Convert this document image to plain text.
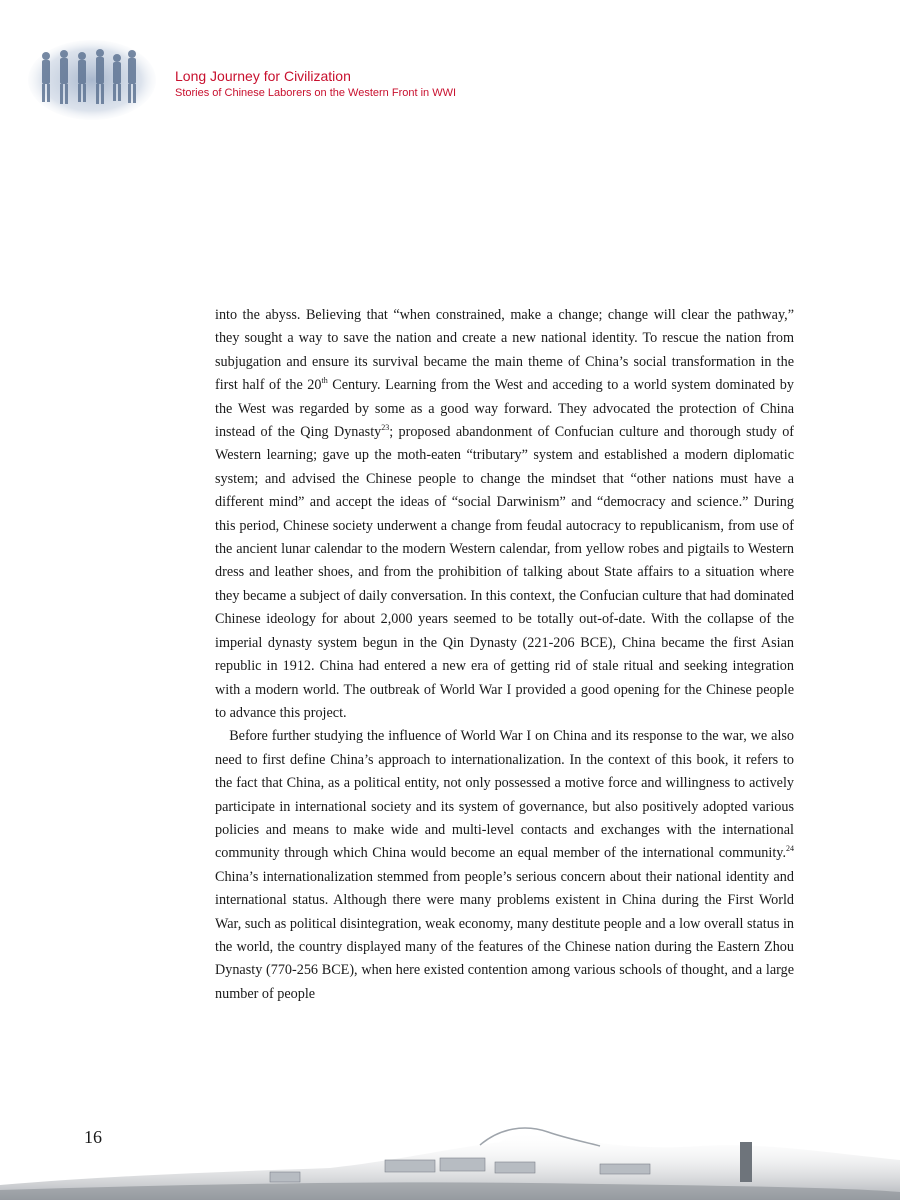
Long Journey for Civilization
Stories of Chinese Laborers on the Western Front in WWI

into the abyss. Believing that “when constrained, make a change; change will clear the pathway,” they sought a way to save the nation and create a new national identity. To rescue the nation from subjugation and ensure its survival became the main theme of China’s social transformation in the first half of the 20th Century. Learning from the West and acceding to a world system dominated by the West was regarded by some as a good way forward. They advocated the protection of China instead of the Qing Dynasty$^{23}$; proposed abandonment of Confucian culture and thorough study of Western learning; gave up the moth-eaten “tributary” system and established a modern diplomatic system; and advised the Chinese people to change the mindset that “other nations must have a different mind” and accept the ideas of “social Darwinism” and “democracy and science.” During this period, Chinese society underwent a change from feudal autocracy to republicanism, from use of the ancient lunar calendar to the modern Western calendar, from yellow robes and pigtails to Western dress and leather shoes, and from the prohibition of talking about State affairs to a situation where they became a subject of daily conversation. In this context, the Confucian culture that had dominated Chinese ideology for about 2,000 years seemed to be totally out-of-date. With the collapse of the imperial dynasty system begun in the Qin Dynasty (221-206 BCE), China became the first Asian republic in 1912. China had entered a new era of getting rid of stale ritual and seeking integration with a modern world. The outbreak of World War I provided a good opening for the Chinese people to advance this project.

Before further studying the influence of World War I on China and its response to the war, we also need to first define China’s approach to internationalization. In the context of this book, it refers to the fact that China, as a political entity, not only possessed a motive force and willingness to actively participate in international society and its system of governance, but also positively adopted various policies and means to make wide and multi-level contacts and exchanges with the international community through which China would become an equal member of the international community.$^{24}$ China’s internationalization stemmed from people’s serious concern about their national identity and international status. Although there were many problems existent in China during the First World War, such as political disintegration, weak economy, many destitute people and a low overall status in the world, the country displayed many of the features of the Chinese nation during the Eastern Zhou Dynasty (770-256 BCE), when here existed contention among various schools of thought, and a large number of people

16
